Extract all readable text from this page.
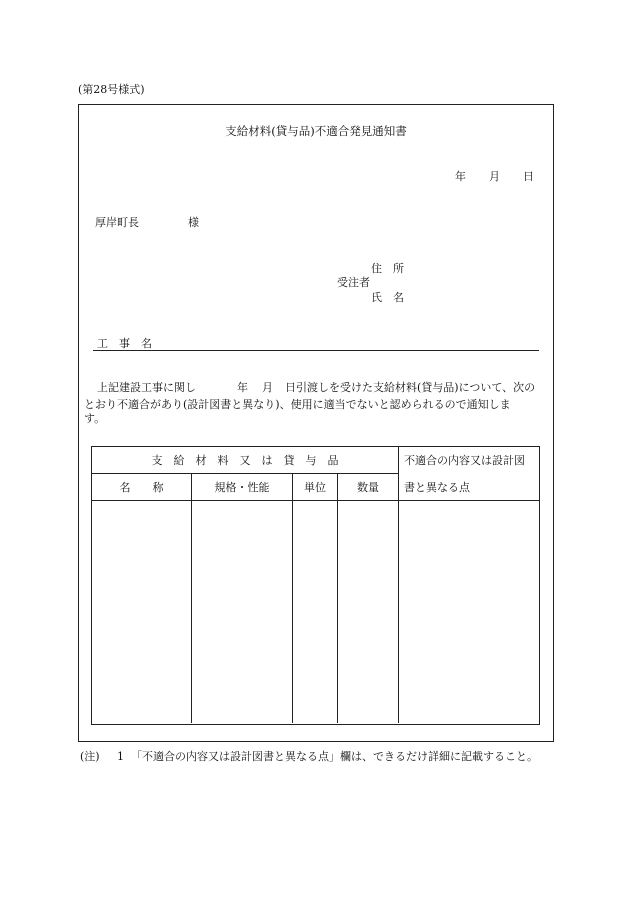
(第28号様式)
支給材料(貸与品)不適合発見通知書
年 月 日
厚岸町長	様
住　所
受注者
氏　名
工　事　名
上記建設工事に関し	年 月 日引渡しを受けた支給材料(貸与品)について、次の
とおり不適合があり(設計図書と異なり)、使用に適当でないと認められるので通知しま
す。
支　給　材　料　又　は　貸　与　品
名　　称	規格・性能	単位	数量
不適合の内容又は設計図
書と異なる点
(注) 1 「不適合の内容又は設計図書と異なる点」欄は、できるだけ詳細に記載すること。
